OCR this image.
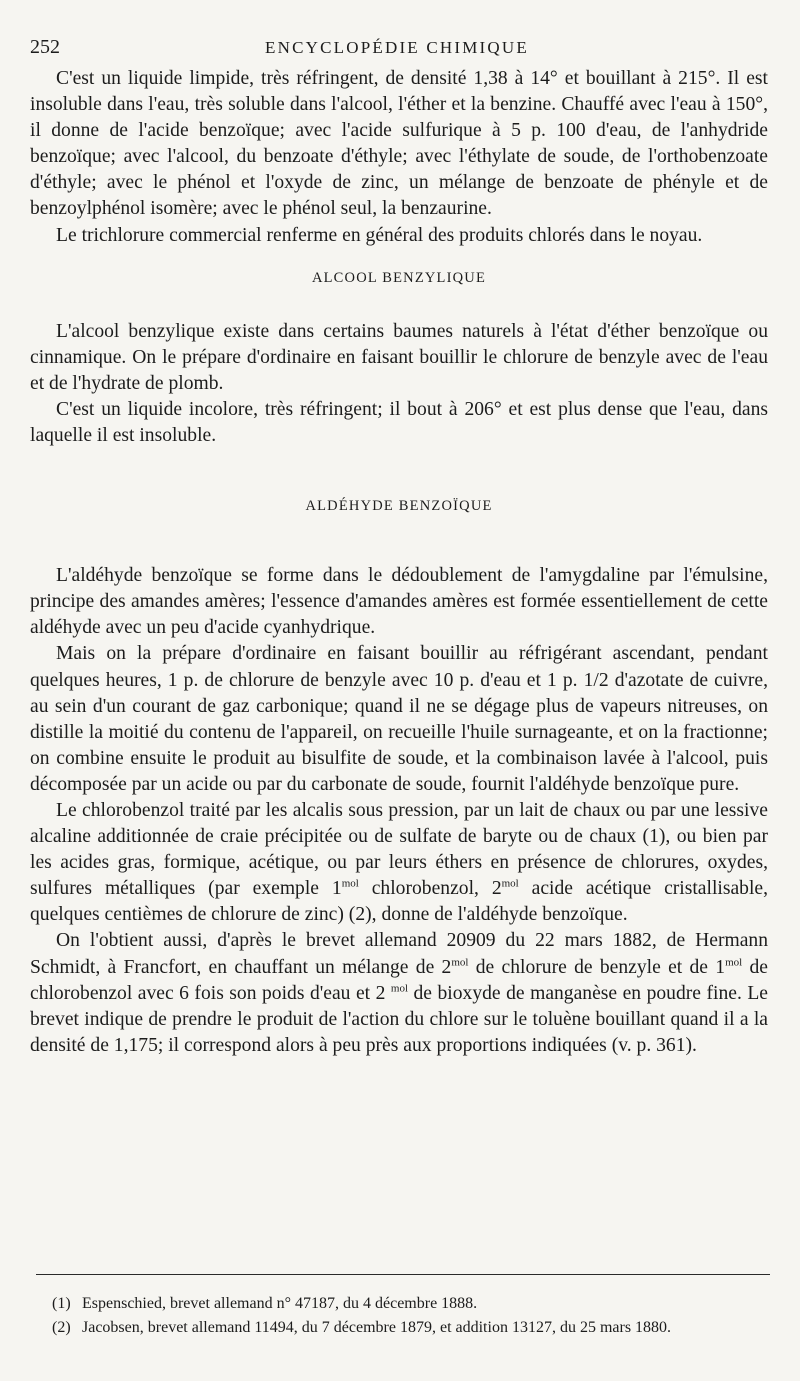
252	ENCYCLOPÉDIE CHIMIQUE

C'est un liquide limpide, très réfringent, de densité 1,38 à 14° et bouillant à 215°. Il est insoluble dans l'eau, très soluble dans l'alcool, l'éther et la benzine. Chauffé avec l'eau à 150°, il donne de l'acide benzoïque; avec l'acide sulfurique à 5 p. 100 d'eau, de l'anhydride benzoïque; avec l'alcool, du benzoate d'éthyle; avec l'éthylate de soude, de l'orthobenzoate d'éthyle; avec le phénol et l'oxyde de zinc, un mélange de benzoate de phényle et de benzoylphénol isomère; avec le phénol seul, la benzaurine.

Le trichlorure commercial renferme en général des produits chlorés dans le noyau.

ALCOOL BENZYLIQUE

L'alcool benzylique existe dans certains baumes naturels à l'état d'éther benzoïque ou cinnamique. On le prépare d'ordinaire en faisant bouillir le chlorure de benzyle avec de l'eau et de l'hydrate de plomb.

C'est un liquide incolore, très réfringent; il bout à 206° et est plus dense que l'eau, dans laquelle il est insoluble.

ALDÉHYDE BENZOÏQUE

L'aldéhyde benzoïque se forme dans le dédoublement de l'amygdaline par l'émulsine, principe des amandes amères; l'essence d'amandes amères est formée essentiellement de cette aldéhyde avec un peu d'acide cyanhydrique.

Mais on la prépare d'ordinaire en faisant bouillir au réfrigérant ascendant, pendant quelques heures, 1 p. de chlorure de benzyle avec 10 p. d'eau et 1 p. 1/2 d'azotate de cuivre, au sein d'un courant de gaz carbonique; quand il ne se dégage plus de vapeurs nitreuses, on distille la moitié du contenu de l'appareil, on recueille l'huile surnageante, et on la fractionne; on combine ensuite le produit au bisulfite de soude, et la combinaison lavée à l'alcool, puis décomposée par un acide ou par du carbonate de soude, fournit l'aldéhyde benzoïque pure.

Le chlorobenzol traité par les alcalis sous pression, par un lait de chaux ou par une lessive alcaline additionnée de craie précipitée ou de sulfate de baryte ou de chaux (1), ou bien par les acides gras, formique, acétique, ou par leurs éthers en présence de chlorures, oxydes, sulfures métalliques (par exemple $1^{mol}$ chlorobenzol, $2^{mol}$ acide acétique cristallisable, quelques centièmes de chlorure de zinc) (2), donne de l'aldéhyde benzoïque.

On l'obtient aussi, d'après le brevet allemand 20909 du 22 mars 1882, de Hermann Schmidt, à Francfort, en chauffant un mélange de $2^{mol}$ de chlorure de benzyle et de $1^{mol}$ de chlorobenzol avec 6 fois son poids d'eau et 2 $^{mol}$ de bioxyde de manganèse en poudre fine. Le brevet indique de prendre le produit de l'action du chlore sur le toluène bouillant quand il a la densité de 1,175; il correspond alors à peu près aux proportions indiquées (v. p. 361).

(1) Espenschied, brevet allemand n° 47187, du 4 décembre 1888.
(2) Jacobsen, brevet allemand 11494, du 7 décembre 1879, et addition 13127, du 25 mars 1880.
